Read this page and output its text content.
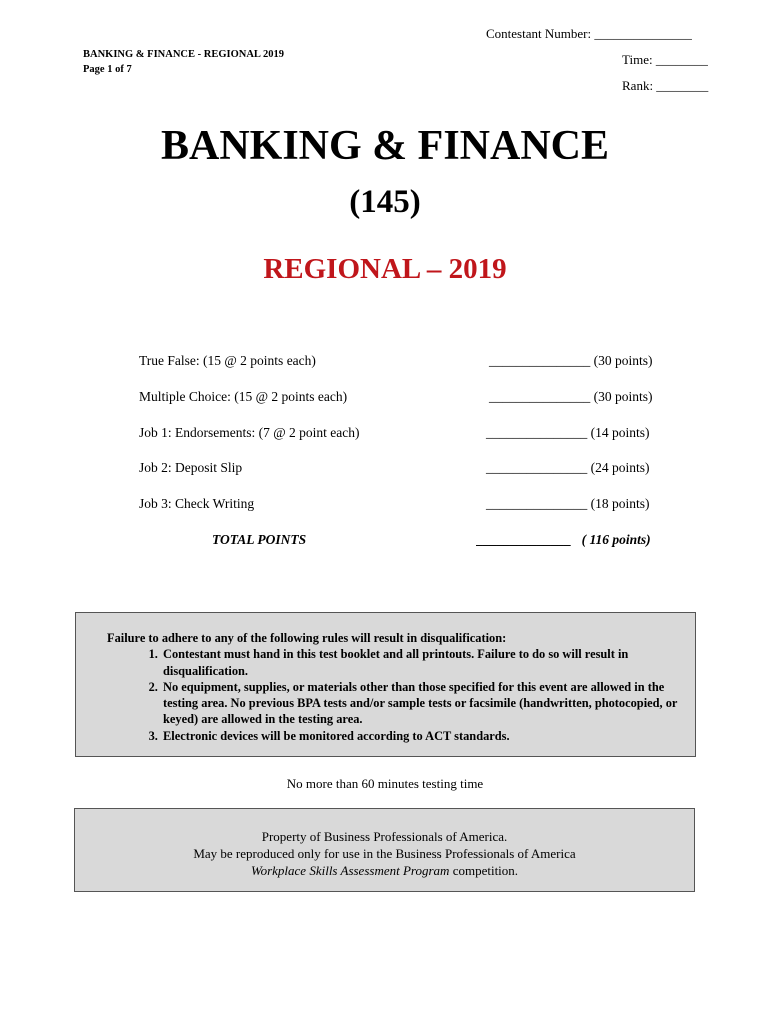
Contestant Number: _______________
BANKING & FINANCE - REGIONAL 2019
Page 1 of 7
Time: ________
Rank: ________
BANKING & FINANCE
(145)
REGIONAL – 2019
True False: (15 @ 2 points each)	_______________ (30 points)
Multiple Choice: (15 @ 2 points each)	_______________ (30 points)
Job 1: Endorsements: (7 @ 2 point each)	_______________ (14 points)
Job 2: Deposit Slip	_______________ (24 points)
Job 3: Check Writing	_______________ (18 points)
TOTAL POINTS	______________   ( 116 points)
Failure to adhere to any of the following rules will result in disqualification:
1. Contestant must hand in this test booklet and all printouts. Failure to do so will result in disqualification.
2. No equipment, supplies, or materials other than those specified for this event are allowed in the testing area. No previous BPA tests and/or sample tests or facsimile (handwritten, photocopied, or keyed) are allowed in the testing area.
3. Electronic devices will be monitored according to ACT standards.
No more than 60 minutes testing time
Property of Business Professionals of America.
May be reproduced only for use in the Business Professionals of America
Workplace Skills Assessment Program competition.
